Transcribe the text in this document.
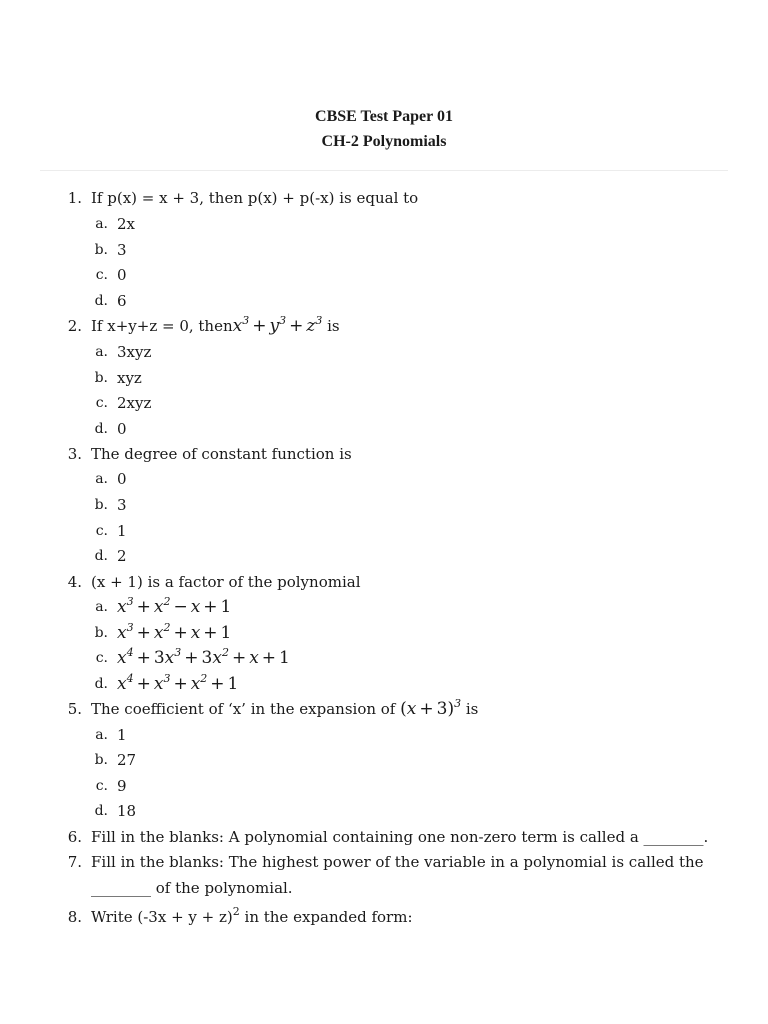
CBSE Test Paper 01
CH-2 Polynomials
1. If p(x) = x + 3, then p(x) + p(-x) is equal to
a. 2x
b. 3
c. 0
d. 6
2. If x+y+z = 0, thenx$^3$ + $y^3 + z^3$ is
a. 3xyz
b. xyz
c. 2xyz
d. 0
3. The degree of constant function is
a. 0
b. 3
c. 1
d. 2
4. (x + 1) is a factor of the polynomial
a. $x^3 + x^2 - x + 1$
b. $x^3 + x^2 + x + 1$
c. $x^4 + 3x^3 + 3x^2 + x + 1$
d. $x^4 + x^3 + x^2 + 1$
5. The coefficient of ‘x’ in the expansion of $(x + 3)^3$ is
a. 1
b. 27
c. 9
d. 18
6. Fill in the blanks: A polynomial containing one non-zero term is called a ________.
7. Fill in the blanks: The highest power of the variable in a polynomial is called the
________ of the polynomial.
8. Write $(-3x + y + z)^2$ in the expanded form:
